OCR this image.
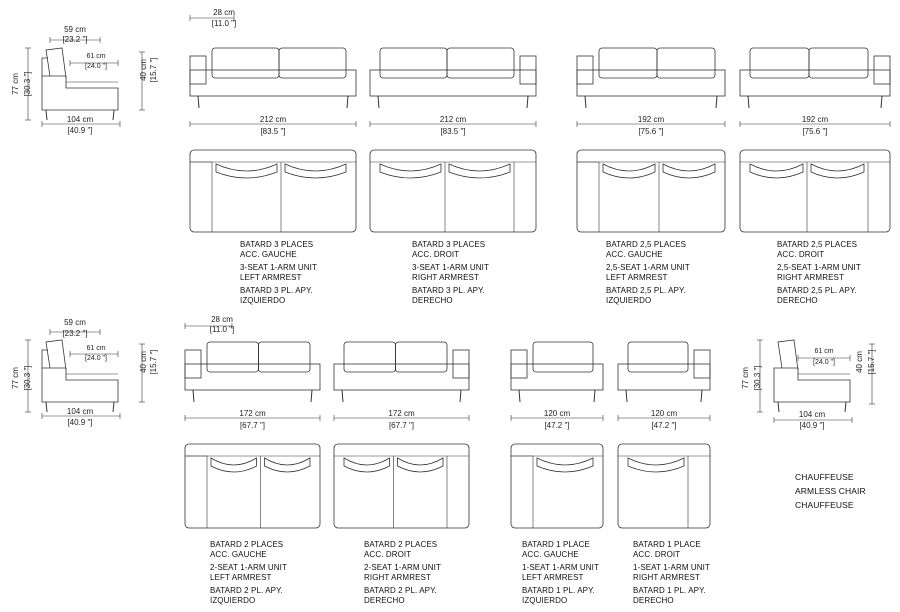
59 cm
[23.2 "]
61 cm
[24.0 "]
77 cm [30.3 "]
40 cm [15.7 "]
104 cm
[40.9 "]
28 cm
[11.0 "]
212 cm
[83.5 "]
212 cm
[83.5 "]
192 cm
[75.6 "]
192 cm
[75.6 "]
59 cm
[23.2 "]
61 cm
[24.0 "]
77 cm [30.3 "]
40 cm [15.7 "]
104 cm
[40.9 "]
28 cm
[11.0 "]
172 cm
[67.7 "]
172 cm
[67.7 "]
120 cm
[47.2 "]
120 cm
[47.2 "]
77 cm [30.3 "]
61 cm
[24.0 "]	40 cm [15.7 "]
104 cm
[40.9 "]
BATARD 3 PLACES
ACC. GAUCHE
3-SEAT 1-ARM UNIT
LEFT ARMREST
BATARD 3 PL. APY.
IZQUIERDO
BATARD 3 PLACES
ACC. DROIT
3-SEAT 1-ARM UNIT
RIGHT ARMREST
BATARD 3 PL. APY.
DERECHO
BATARD 2,5 PLACES
ACC. GAUCHE
2,5-SEAT 1-ARM UNIT
LEFT ARMREST
BATARD 2,5 PL. APY.
IZQUIERDO
BATARD 2,5 PLACES
ACC. DROIT
2,5-SEAT 1-ARM UNIT
RIGHT ARMREST
BATARD 2,5 PL. APY.
DERECHO
BATARD 2 PLACES
ACC. GAUCHE
2-SEAT 1-ARM UNIT
LEFT ARMREST
BATARD 2 PL. APY.
IZQUIERDO
BATARD 2 PLACES
ACC. DROIT
2-SEAT 1-ARM UNIT
RIGHT ARMREST
BATARD 2 PL. APY.
DERECHO
BATARD 1 PLACE
ACC. GAUCHE
1-SEAT 1-ARM UNIT
LEFT ARMREST
BATARD 1 PL. APY.
IZQUIERDO
BATARD 1 PLACE
ACC. DROIT
1-SEAT 1-ARM UNIT
RIGHT ARMREST
BATARD 1 PL. APY.
DERECHO
CHAUFFEUSE
ARMLESS CHAIR
CHAUFFEUSE
